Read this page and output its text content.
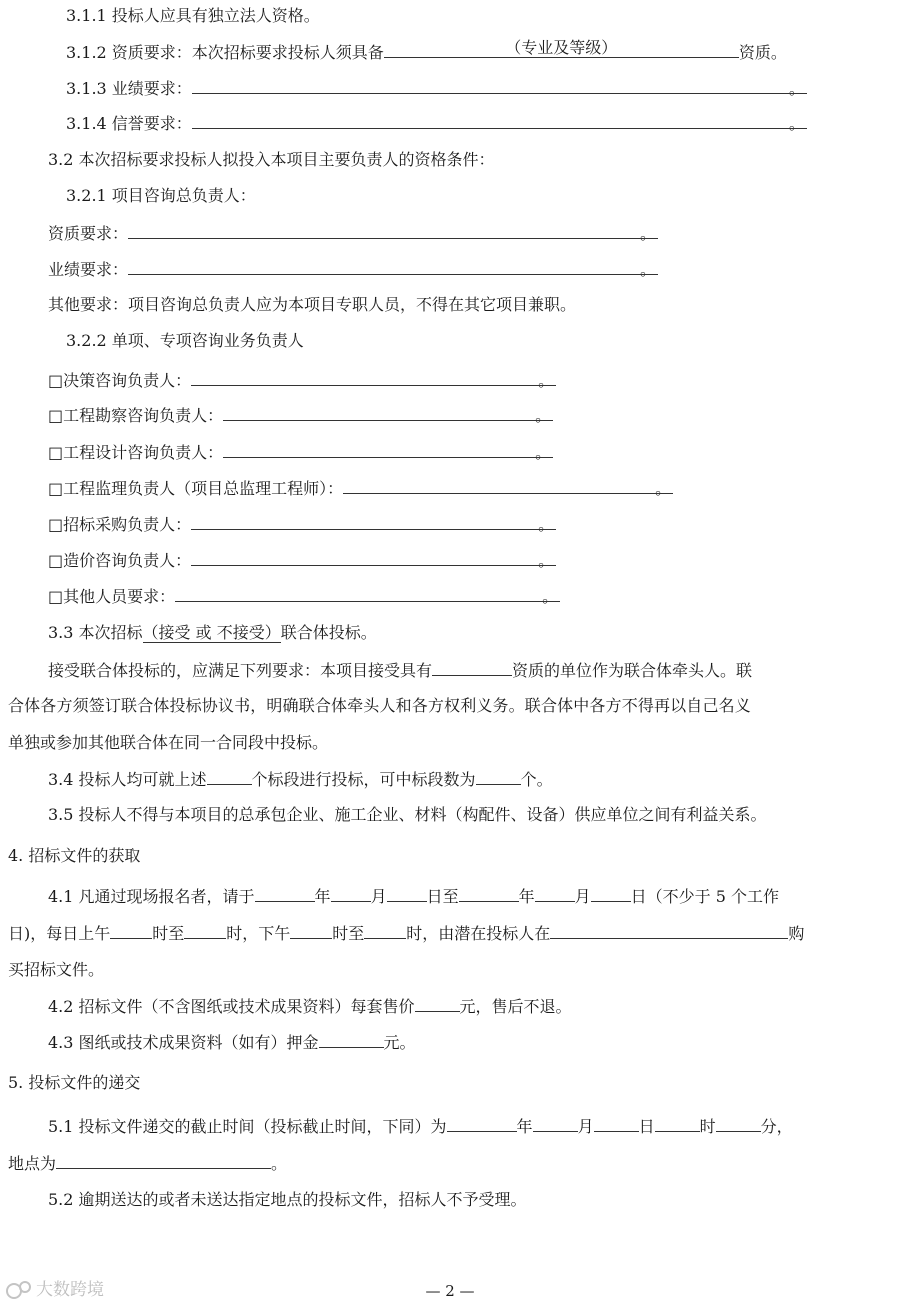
3.1.1 投标人应具有独立法人资格。
3.1.2 资质要求：本次招标要求投标人须具备	（专业及等级）	资质。
3.1.3 业绩要求：	。
3.1.4 信誉要求：	。
3.2 本次招标要求投标人拟投入本项目主要负责人的资格条件：
3.2.1 项目咨询总负责人：
资质要求：	。
业绩要求：	。
其他要求：项目咨询总负责人应为本项目专职人员，不得在其它项目兼职。
3.2.2 单项、专项咨询业务负责人
□决策咨询负责人：	。
□工程勘察咨询负责人：	。
□工程设计咨询负责人：	。
□工程监理负责人（项目总监理工程师）：	。
□招标采购负责人：	。
□造价咨询负责人：	。
□其他人员要求：	。
3.3 本次招标（接受 或 不接受）联合体投标。
接受联合体投标的，应满足下列要求：本项目接受具有	资质的单位作为联合体牵头人。联
合体各方须签订联合体投标协议书，明确联合体牵头人和各方权利义务。联合体中各方不得再以自己名义
单独或参加其他联合体在同一合同段中投标。
3.4 投标人均可就上述	个标段进行投标，可中标段数为	个。
3.5 投标人不得与本项目的总承包企业、施工企业、材料（构配件、设备）供应单位之间有利益关系。
4. 招标文件的获取
4.1 凡通过现场报名者，请于	年	月	日至	年	月	日（不少于 5 个工作
日)，每日上午	时至	时，下午	时至	时，由潜在投标人在	购
买招标文件。
4.2 招标文件（不含图纸或技术成果资料）每套售价	元，售后不退。
4.3 图纸或技术成果资料（如有）押金	元。
5. 投标文件的递交
5.1 投标文件递交的截止时间（投标截止时间，下同）为	年	月	日	时	分，
地点为	。
5.2 逾期送达的或者未送达指定地点的投标文件，招标人不予受理。
— 2 —
大数跨境
